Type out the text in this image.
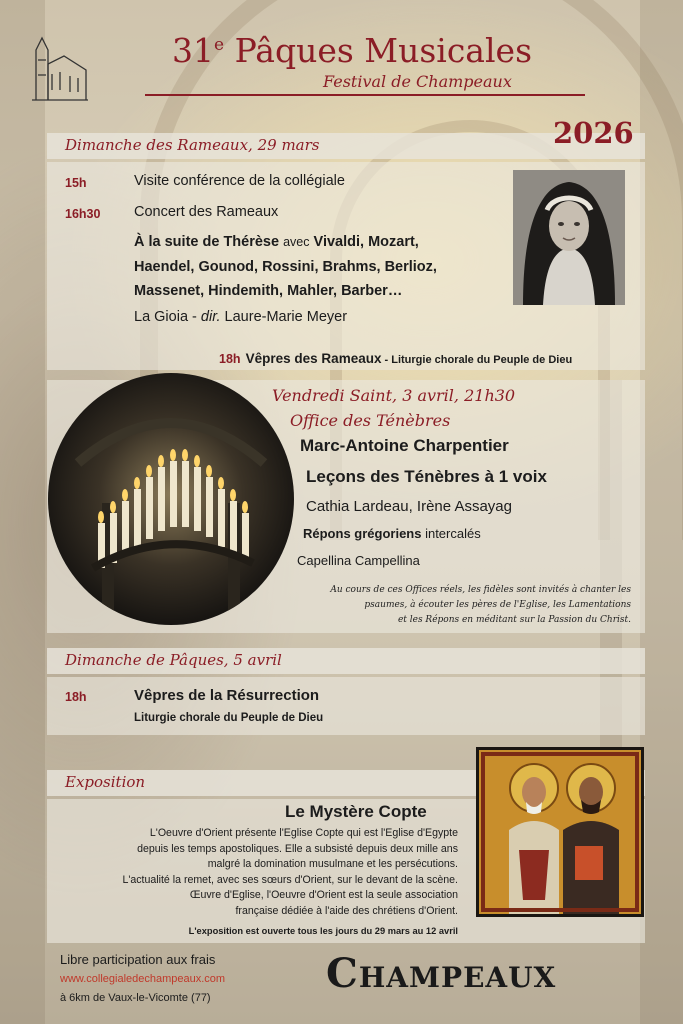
31e Pâques Musicales
Festival de Champeaux
Dimanche des Rameaux, 29 mars	2026
15h	Visite conférence de la collégiale
16h30 Concert des Rameaux
À la suite de Thérèse avec Vivaldi, Mozart,
Haendel, Gounod, Rossini, Brahms, Berlioz,
Massenet, Hindemith, Mahler, Barber…
La Gioia - dir. Laure-Marie Meyer
18h Vêpres des Rameaux - Liturgie chorale du Peuple de Dieu
Vendredi Saint, 3 avril, 21h30
Office des Ténèbres
Marc-Antoine Charpentier
Leçons des Ténèbres à 1 voix
Cathia Lardeau, Irène Assayag
Répons grégoriens intercalés
Capellina Campellina
Au cours de ces Offices réels, les fidèles sont invités à chanter les
psaumes, à écouter les pères de l'Eglise, les Lamentations
et les Répons en méditant sur la Passion du Christ.
Dimanche de Pâques, 5 avril
18h	Vêpres de la Résurrection
Liturgie chorale du Peuple de Dieu
Exposition
Le Mystère Copte
L'Oeuvre d'Orient présente l'Eglise Copte qui est l'Eglise d'Egypte
depuis les temps apostoliques. Elle a subsisté depuis deux mille ans
malgré la domination musulmane et les persécutions.
L'actualité la remet, avec ses sœurs d'Orient, sur le devant de la scène.
Œuvre d'Eglise, l'Oeuvre d'Orient est la seule association
française dédiée à l'aide des chrétiens d'Orient.
L'exposition est ouverte tous les jours du 29 mars au 12 avril
Libre participation aux frais
www.collegialedechampeaux.com
à 6km de Vaux-le-Vicomte (77)
Champeaux
